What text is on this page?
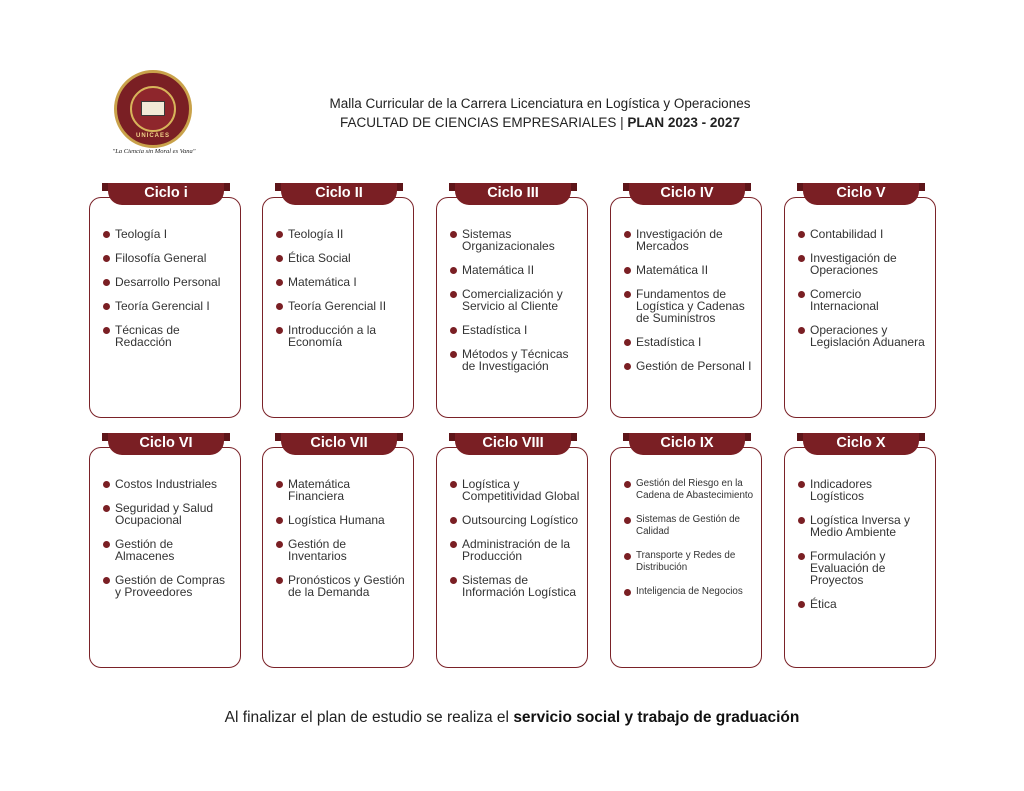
UNICAES
"La Ciencia sin Moral es Vana"
Malla Curricular de la Carrera Licenciatura en Logística y Operaciones
FACULTAD DE CIENCIAS EMPRESARIALES | PLAN 2023 - 2027
Ciclo i
Teología I
Filosofía General
Desarrollo Personal
Teoría Gerencial I
Técnicas de Redacción
Ciclo II
Teología II
Ética Social
Matemática I
Teoría Gerencial II
Introducción a la Economía
Ciclo III
Sistemas Organizacionales
Matemática II
Comercialización y Servicio al Cliente
Estadística I
Métodos y Técnicas de Investigación
Ciclo IV
Investigación de Mercados
Matemática II
Fundamentos de Logística y Cadenas de Suministros
Estadística I
Gestión de Personal I
Ciclo V
Contabilidad I
Investigación de Operaciones
Comercio Internacional
Operaciones y Legislación Aduanera
Ciclo VI
Costos Industriales
Seguridad y Salud Ocupacional
Gestión de Almacenes
Gestión de Compras y Proveedores
Ciclo VII
Matemática Financiera
Logística Humana
Gestión de Inventarios
Pronósticos y Gestión de la Demanda
Ciclo VIII
Logística y Competitividad Global
Outsourcing Logístico
Administración de la Producción
Sistemas de Información Logística
Ciclo IX
Gestión del Riesgo en la Cadena de Abastecimiento
Sistemas de Gestión de Calidad
Transporte y Redes de Distribución
Inteligencia de Negocios
Ciclo X
Indicadores Logísticos
Logística Inversa y Medio Ambiente
Formulación y Evaluación de Proyectos
Ética
Al finalizar el plan de estudio se realiza el servicio social y trabajo de graduación
